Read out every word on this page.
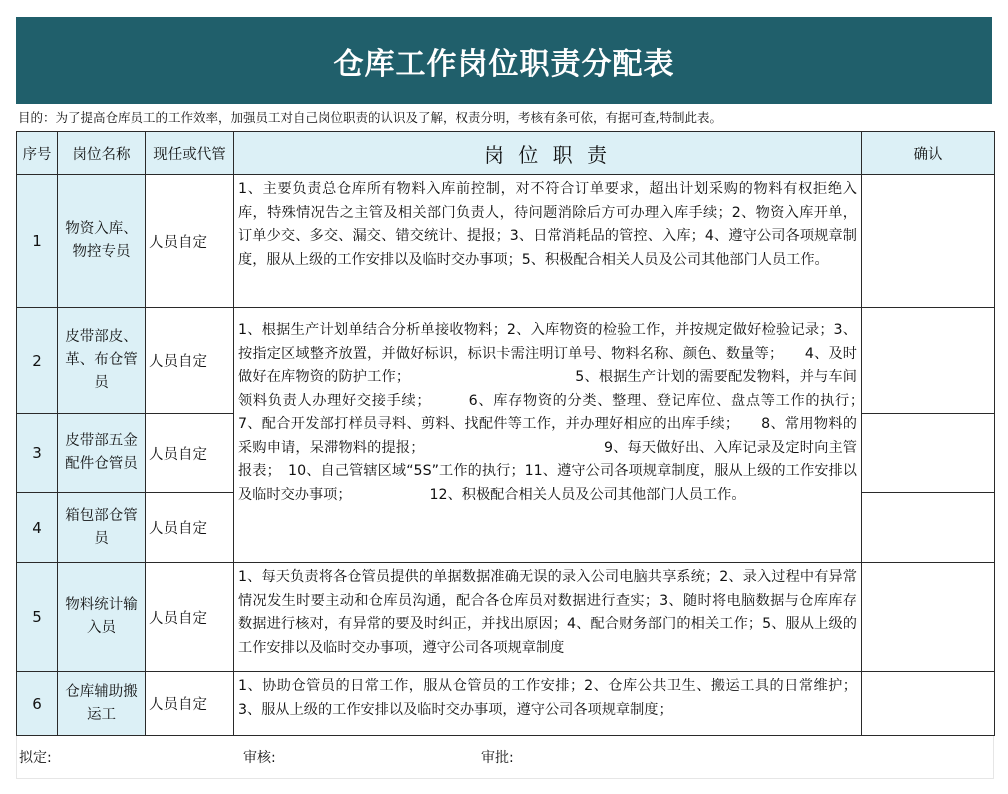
仓库工作岗位职责分配表
目的：为了提高仓库员工的工作效率，加强员工对自己岗位职责的认识及了解，权责分明，考核有条可依，有据可查,特制此表。
序号	岗位名称	现任或代管	岗 位 职 责	确认
1	物资入库、物控专员	人员自定	1、主要负责总仓库所有物料入库前控制，对不符合订单要求，超出计划采购的物料有权拒绝入库，特殊情况告之主管及相关部门负责人，待问题消除后方可办理入库手续；2、物资入库开单，订单少交、多交、漏交、错交统计、提报；3、日常消耗品的管控、入库；4、遵守公司各项规章制度，服从上级的工作安排以及临时交办事项；5、积极配合相关人员及公司其他部门人员工作。	
2	皮带部皮、革、布仓管员	人员自定	1、根据生产计划单结合分析单接收物料；2、入库物资的检验工作，并按规定做好检验记录；3、按指定区域整齐放置，并做好标识，标识卡需注明订单号、物料名称、颜色、数量等；　　4、及时做好在库物资的防护工作；　　　　　　　　　　　　5、根据生产计划的需要配发物料，并与车间领料负责人办理好交接手续；　　　6、库存物资的分类、整理、登记库位、盘点等工作的执行；　　　　　　7、配合开发部打样员寻料、剪料、找配件等工作，并办理好相应的出库手续；　　8、常用物料的采购申请，呆滞物料的提报；　　　　　　　　　　　　　9、每天做好出、入库记录及定时向主管报表；　10、自己管辖区域“5S”工作的执行；11、遵守公司各项规章制度，服从上级的工作安排以及临时交办事项；　　　　　　12、积极配合相关人员及公司其他部门人员工作。	
3	皮带部五金配件仓管员	人员自定		
4	箱包部仓管员	人员自定		
5	物料统计输入员	人员自定	1、每天负责将各仓管员提供的单据数据准确无误的录入公司电脑共享系统；2、录入过程中有异常情况发生时要主动和仓库员沟通，配合各仓库员对数据进行查实；3、随时将电脑数据与仓库库存数据进行核对，有异常的要及时纠正，并找出原因；4、配合财务部门的相关工作；5、服从上级的工作安排以及临时交办事项，遵守公司各项规章制度	
6	仓库辅助搬运工	人员自定	1、协助仓管员的日常工作，服从仓管员的工作安排；2、仓库公共卫生、搬运工具的日常维护；3、服从上级的工作安排以及临时交办事项，遵守公司各项规章制度；	
拟定:	审核:	审批:
